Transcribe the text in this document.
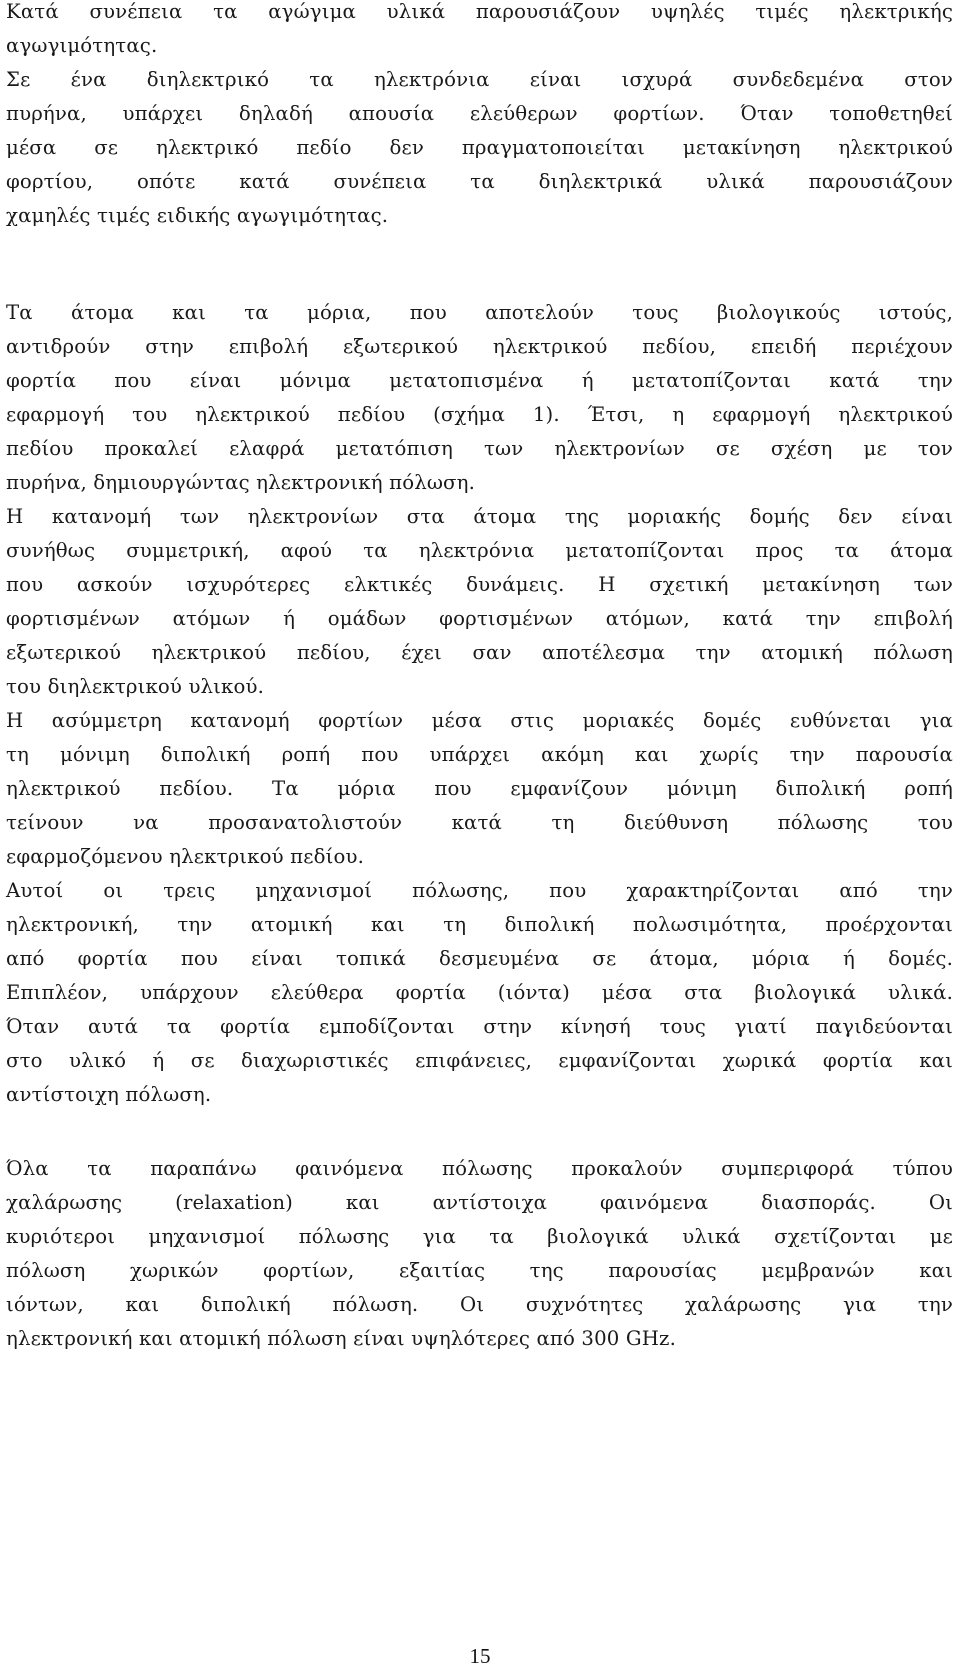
Κατά συνέπεια τα αγώγιμα υλικά παρουσιάζουν υψηλές τιμές ηλεκτρικής
αγωγιμότητας.
Σε ένα διηλεκτρικό τα ηλεκτρόνια είναι ισχυρά συνδεδεμένα στον
πυρήνα, υπάρχει δηλαδή απουσία ελεύθερων φορτίων. Όταν τοποθετηθεί
μέσα σε ηλεκτρικό πεδίο δεν πραγματοποιείται μετακίνηση ηλεκτρικού
φορτίου, οπότε κατά συνέπεια τα διηλεκτρικά υλικά παρουσιάζουν
χαμηλές τιμές ειδικής αγωγιμότητας.
Τα άτομα και τα μόρια, που αποτελούν τους βιολογικούς ιστούς,
αντιδρούν στην επιβολή εξωτερικού ηλεκτρικού πεδίου, επειδή περιέχουν
φορτία που είναι μόνιμα μετατοπισμένα ή μετατοπίζονται κατά την
εφαρμογή του ηλεκτρικού πεδίου (σχήμα 1). Έτσι, η εφαρμογή ηλεκτρικού
πεδίου προκαλεί ελαφρά μετατόπιση των ηλεκτρονίων σε σχέση με τον
πυρήνα, δημιουργώντας ηλεκτρονική πόλωση.
Η κατανομή των ηλεκτρονίων στα άτομα της μοριακής δομής δεν είναι
συνήθως συμμετρική, αφού τα ηλεκτρόνια μετατοπίζονται προς τα άτομα
που ασκούν ισχυρότερες ελκτικές δυνάμεις. Η σχετική μετακίνηση των
φορτισμένων ατόμων ή ομάδων φορτισμένων ατόμων, κατά την επιβολή
εξωτερικού ηλεκτρικού πεδίου, έχει σαν αποτέλεσμα την ατομική πόλωση
του διηλεκτρικού υλικού.
Η ασύμμετρη κατανομή φορτίων μέσα στις μοριακές δομές ευθύνεται για
τη μόνιμη διπολική ροπή που υπάρχει ακόμη και χωρίς την παρουσία
ηλεκτρικού πεδίου. Τα μόρια που εμφανίζουν μόνιμη διπολική ροπή
τείνουν να προσανατολιστούν κατά τη διεύθυνση πόλωσης του
εφαρμοζόμενου ηλεκτρικού πεδίου.
Αυτοί οι τρεις μηχανισμοί πόλωσης, που χαρακτηρίζονται από την
ηλεκτρονική, την ατομική και τη διπολική πολωσιμότητα, προέρχονται
από φορτία που είναι τοπικά δεσμευμένα σε άτομα, μόρια ή δομές.
Επιπλέον, υπάρχουν ελεύθερα φορτία (ιόντα) μέσα στα βιολογικά υλικά.
Όταν αυτά τα φορτία εμποδίζονται στην κίνησή τους γιατί παγιδεύονται
στο υλικό ή σε διαχωριστικές επιφάνειες, εμφανίζονται χωρικά φορτία και
αντίστοιχη πόλωση.
Όλα τα παραπάνω φαινόμενα πόλωσης προκαλούν συμπεριφορά τύπου
χαλάρωσης (relaxation) και αντίστοιχα φαινόμενα διασποράς. Οι
κυριότεροι μηχανισμοί πόλωσης για τα βιολογικά υλικά σχετίζονται με
πόλωση χωρικών φορτίων, εξαιτίας της παρουσίας μεμβρανών και
ιόντων, και διπολική πόλωση. Οι συχνότητες χαλάρωσης για την
ηλεκτρονική και ατομική πόλωση είναι υψηλότερες από 300 GHz.
15
